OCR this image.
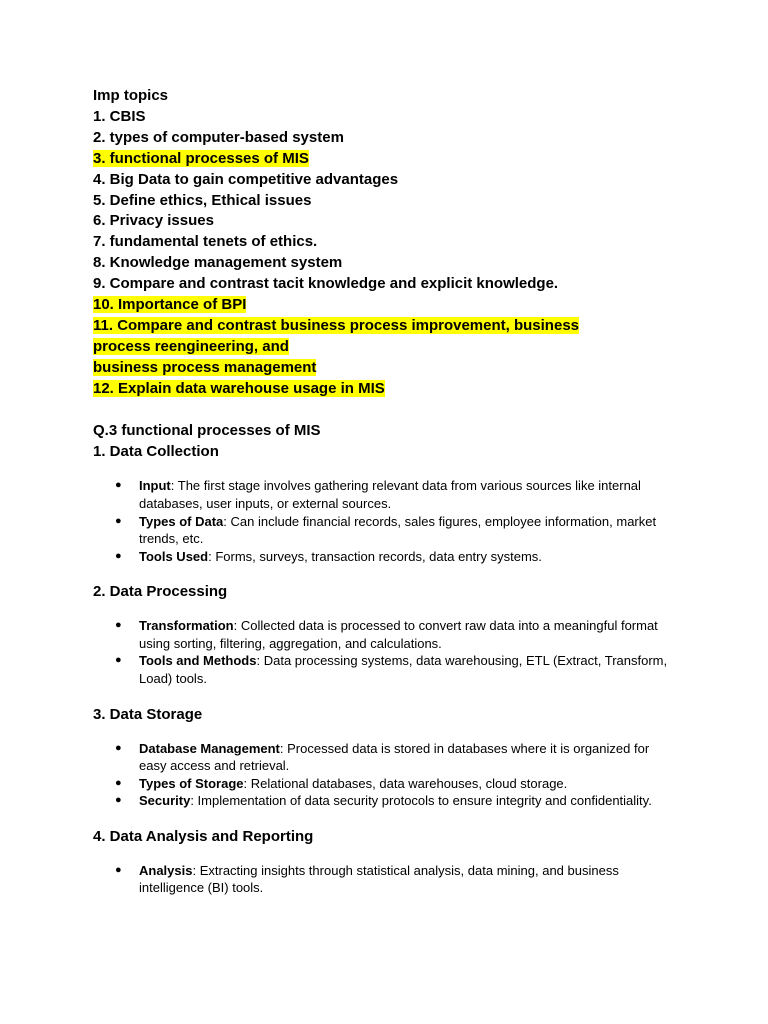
Imp topics
1. CBIS
2. types of computer-based system
3. functional processes of MIS
4. Big Data to gain competitive advantages
5. Define ethics, Ethical issues
6. Privacy issues
7. fundamental tenets of ethics.
8. Knowledge management system
9. Compare and contrast tacit knowledge and explicit knowledge.
10. Importance of BPI
11. Compare and contrast business process improvement, business
process reengineering, and
business process management
12. Explain data warehouse usage in MIS
Q.3 functional processes of MIS
1. Data Collection
● Input: The first stage involves gathering relevant data from various sources like internal databases, user inputs, or external sources.
● Types of Data: Can include financial records, sales figures, employee information, market trends, etc.
● Tools Used: Forms, surveys, transaction records, data entry systems.
2. Data Processing
● Transformation: Collected data is processed to convert raw data into a meaningful format using sorting, filtering, aggregation, and calculations.
● Tools and Methods: Data processing systems, data warehousing, ETL (Extract, Transform, Load) tools.
3. Data Storage
● Database Management: Processed data is stored in databases where it is organized for easy access and retrieval.
● Types of Storage: Relational databases, data warehouses, cloud storage.
● Security: Implementation of data security protocols to ensure integrity and confidentiality.
4. Data Analysis and Reporting
● Analysis: Extracting insights through statistical analysis, data mining, and business intelligence (BI) tools.
